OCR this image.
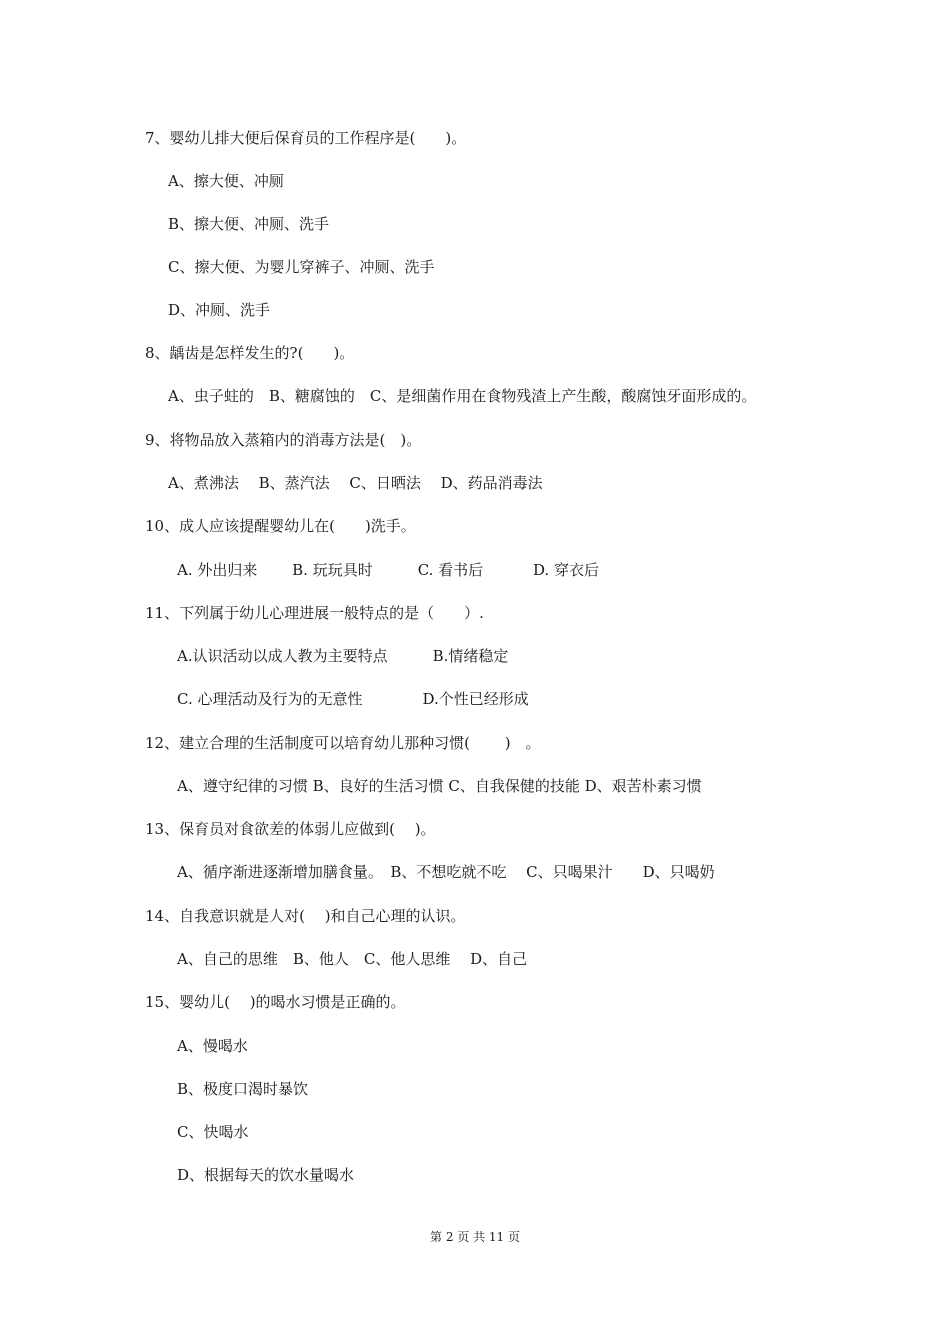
7、婴幼儿排大便后保育员的工作程序是(　　)。
A、擦大便、冲厕
B、擦大便、冲厕、洗手
C、擦大便、为婴儿穿裤子、冲厕、洗手
D、冲厕、洗手
8、龋齿是怎样发生的?(　　)。
A、虫子蛀的　B、糖腐蚀的　C、是细菌作用在食物残渣上产生酸，酸腐蚀牙面形成的。
9、将物品放入蒸箱内的消毒方法是(　)。
A、煮沸法　 B、蒸汽法　 C、日晒法　 D、药品消毒法
10、成人应该提醒婴幼儿在(　　)洗手。
A. 外出归来　　 B. 玩玩具时　　　C. 看书后　　　 D. 穿衣后
11、下列属于幼儿心理进展一般特点的是（　　）.
A.认识活动以成人教为主要特点　　　B.情绪稳定
C. 心理活动及行为的无意性　　　　D.个性已经形成
12、建立合理的生活制度可以培育幼儿那种习惯(　　 )　。
A、遵守纪律的习惯 B、良好的生活习惯 C、自我保健的技能 D、艰苦朴素习惯
13、保育员对食欲差的体弱儿应做到(　 )。
A、循序渐进逐渐增加膳食量。　B、不想吃就不吃　 C、只喝果汁　　D、只喝奶
14、自我意识就是人对(　 )和自己心理的认识。
A、自己的思维　B、他人　C、他人思维　 D、自己
15、婴幼儿(　 )的喝水习惯是正确的。
A、慢喝水
B、极度口渴时暴饮
C、快喝水
D、根据每天的饮水量喝水
第 2 页 共 11 页
